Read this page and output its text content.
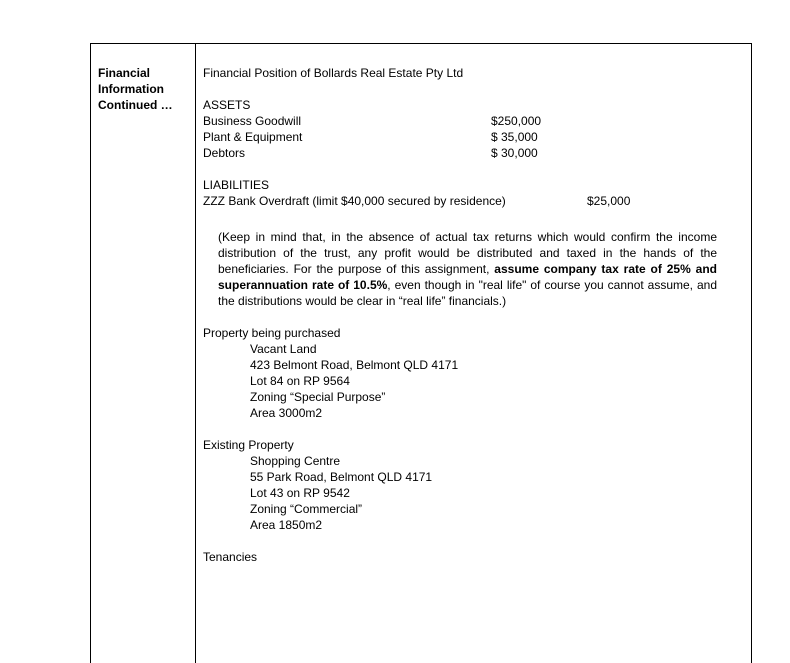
Financial Information Continued …
Financial Position of Bollards Real Estate Pty Ltd
ASSETS
Business Goodwill	$250,000
Plant & Equipment	$ 35,000
Debtors	$ 30,000
LIABILITIES
ZZZ Bank Overdraft (limit $40,000 secured by residence)	$25,000
(Keep in mind that, in the absence of actual tax returns which would confirm the income distribution of the trust, any profit would be distributed and taxed in the hands of the beneficiaries. For the purpose of this assignment, assume company tax rate of 25% and superannuation rate of 10.5%, even though in "real life" of course you cannot assume, and the distributions would be clear in “real life” financials.)
Property being purchased
Vacant Land
423 Belmont Road, Belmont QLD 4171
Lot 84 on RP 9564
Zoning “Special Purpose”
Area 3000m2
Existing Property
Shopping Centre
55 Park Road, Belmont QLD 4171
Lot 43 on RP 9542
Zoning “Commercial”
Area 1850m2
Tenancies
